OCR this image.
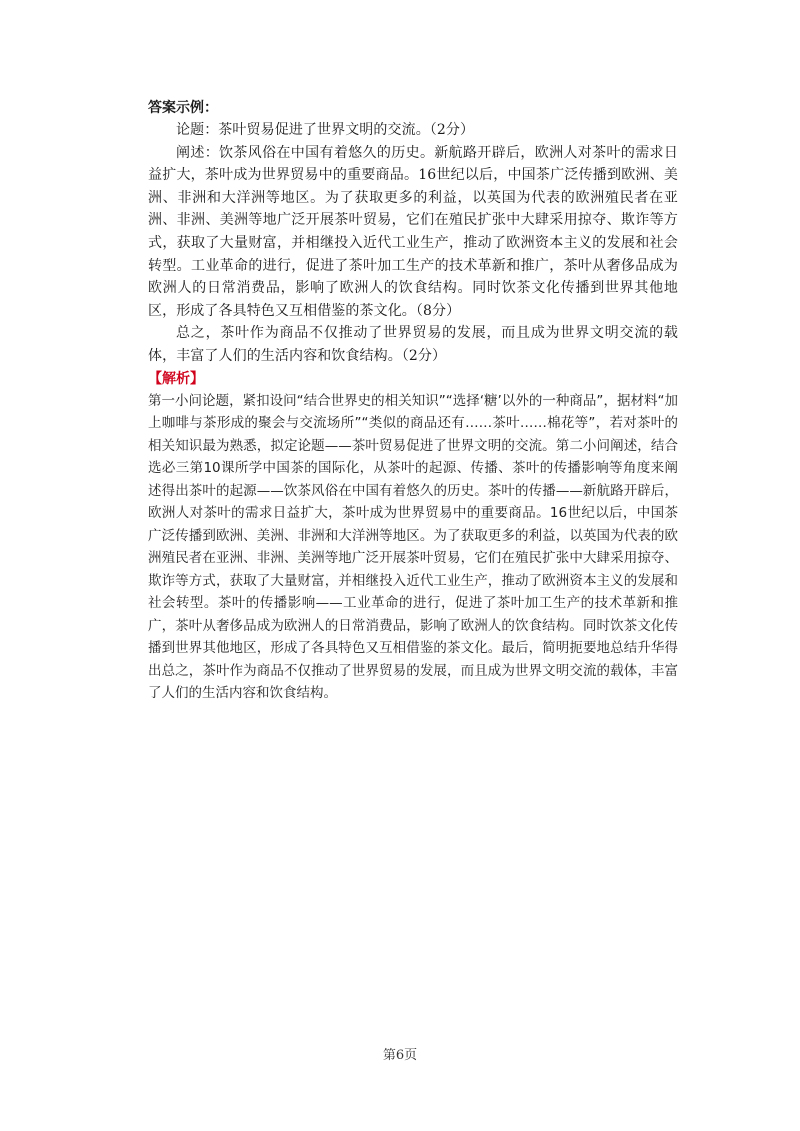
答案示例：

论题：茶叶贸易促进了世界文明的交流。（2分）

阐述：饮茶风俗在中国有着悠久的历史。新航路开辟后，欧洲人对茶叶的需求日益扩大，茶叶成为世界贸易中的重要商品。16世纪以后，中国茶广泛传播到欧洲、美洲、非洲和大洋洲等地区。为了获取更多的利益，以英国为代表的欧洲殖民者在亚洲、非洲、美洲等地广泛开展茶叶贸易，它们在殖民扩张中大肆采用掠夺、欺诈等方式，获取了大量财富，并相继投入近代工业生产，推动了欧洲资本主义的发展和社会转型。工业革命的进行，促进了茶叶加工生产的技术革新和推广，茶叶从奢侈品成为欧洲人的日常消费品，影响了欧洲人的饮食结构。同时饮茶文化传播到世界其他地区，形成了各具特色又互相借鉴的茶文化。（8分）

总之，茶叶作为商品不仅推动了世界贸易的发展，而且成为世界文明交流的载体，丰富了人们的生活内容和饮食结构。（2分）

【解析】

第一小问论题，紧扣设问“结合世界史的相关知识”“选择‘糖’以外的一种商品”，据材料“加上咖啡与茶形成的聚会与交流场所”“类似的商品还有……茶叶……棉花等”，若对茶叶的相关知识最为熟悉，拟定论题——茶叶贸易促进了世界文明的交流。第二小问阐述，结合选必三第10课所学中国茶的国际化，从茶叶的起源、传播、茶叶的传播影响等角度来阐述得出茶叶的起源——饮茶风俗在中国有着悠久的历史。茶叶的传播——新航路开辟后，欧洲人对茶叶的需求日益扩大，茶叶成为世界贸易中的重要商品。16世纪以后，中国茶广泛传播到欧洲、美洲、非洲和大洋洲等地区。为了获取更多的利益，以英国为代表的欧洲殖民者在亚洲、非洲、美洲等地广泛开展茶叶贸易，它们在殖民扩张中大肆采用掠夺、欺诈等方式，获取了大量财富，并相继投入近代工业生产，推动了欧洲资本主义的发展和社会转型。茶叶的传播影响——工业革命的进行，促进了茶叶加工生产的技术革新和推广，茶叶从奢侈品成为欧洲人的日常消费品，影响了欧洲人的饮食结构。同时饮茶文化传播到世界其他地区，形成了各具特色又互相借鉴的茶文化。最后，简明扼要地总结升华得出总之，茶叶作为商品不仅推动了世界贸易的发展，而且成为世界文明交流的载体，丰富了人们的生活内容和饮食结构。

第6页
